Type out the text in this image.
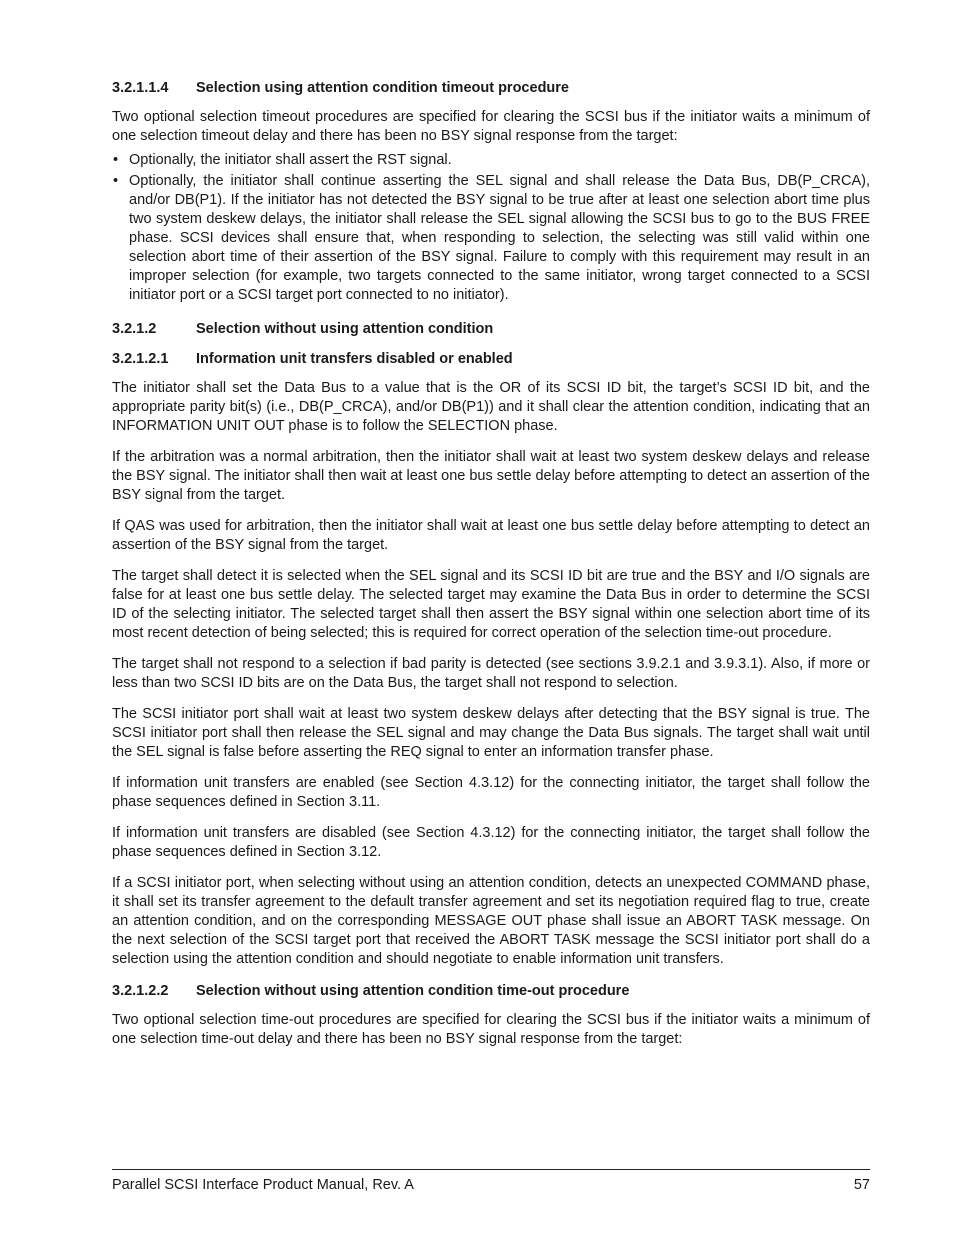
3.2.1.1.4	Selection using attention condition timeout procedure

Two optional selection timeout procedures are specified for clearing the SCSI bus if the initiator waits a minimum of one selection timeout delay and there has been no BSY signal response from the target:

• Optionally, the initiator shall assert the RST signal.
• Optionally, the initiator shall continue asserting the SEL signal and shall release the Data Bus, DB(P_CRCA), and/or DB(P1). If the initiator has not detected the BSY signal to be true after at least one selection abort time plus two system deskew delays, the initiator shall release the SEL signal allowing the SCSI bus to go to the BUS FREE phase. SCSI devices shall ensure that, when responding to selection, the selecting was still valid within one selection abort time of their assertion of the BSY signal. Failure to comply with this requirement may result in an improper selection (for example, two targets connected to the same initiator, wrong target connected to a SCSI initiator port or a SCSI target port connected to no initiator).
3.2.1.2	Selection without using attention condition
3.2.1.2.1	Information unit transfers disabled or enabled

The initiator shall set the Data Bus to a value that is the OR of its SCSI ID bit, the target’s SCSI ID bit, and the appropriate parity bit(s) (i.e., DB(P_CRCA), and/or DB(P1)) and it shall clear the attention condition, indicating that an INFORMATION UNIT OUT phase is to follow the SELECTION phase.

If the arbitration was a normal arbitration, then the initiator shall wait at least two system deskew delays and release the BSY signal. The initiator shall then wait at least one bus settle delay before attempting to detect an assertion of the BSY signal from the target.

If QAS was used for arbitration, then the initiator shall wait at least one bus settle delay before attempting to detect an assertion of the BSY signal from the target.

The target shall detect it is selected when the SEL signal and its SCSI ID bit are true and the BSY and I/O signals are false for at least one bus settle delay. The selected target may examine the Data Bus in order to determine the SCSI ID of the selecting initiator. The selected target shall then assert the BSY signal within one selection abort time of its most recent detection of being selected; this is required for correct operation of the selection time-out procedure.

The target shall not respond to a selection if bad parity is detected (see sections 3.9.2.1 and 3.9.3.1). Also, if more or less than two SCSI ID bits are on the Data Bus, the target shall not respond to selection.

The SCSI initiator port shall wait at least two system deskew delays after detecting that the BSY signal is true. The SCSI initiator port shall then release the SEL signal and may change the Data Bus signals. The target shall wait until the SEL signal is false before asserting the REQ signal to enter an information transfer phase.

If information unit transfers are enabled (see Section 4.3.12) for the connecting initiator, the target shall follow the phase sequences defined in Section 3.11.

If information unit transfers are disabled (see Section 4.3.12) for the connecting initiator, the target shall follow the phase sequences defined in Section 3.12.

If a SCSI initiator port, when selecting without using an attention condition, detects an unexpected COMMAND phase, it shall set its transfer agreement to the default transfer agreement and set its negotiation required flag to true, create an attention condition, and on the corresponding MESSAGE OUT phase shall issue an ABORT TASK message. On the next selection of the SCSI target port that received the ABORT TASK message the SCSI initiator port shall do a selection using the attention condition and should negotiate to enable information unit transfers.

3.2.1.2.2	Selection without using attention condition time-out procedure

Two optional selection time-out procedures are specified for clearing the SCSI bus if the initiator waits a minimum of one selection time-out delay and there has been no BSY signal response from the target:

Parallel SCSI Interface Product Manual, Rev. A	57
